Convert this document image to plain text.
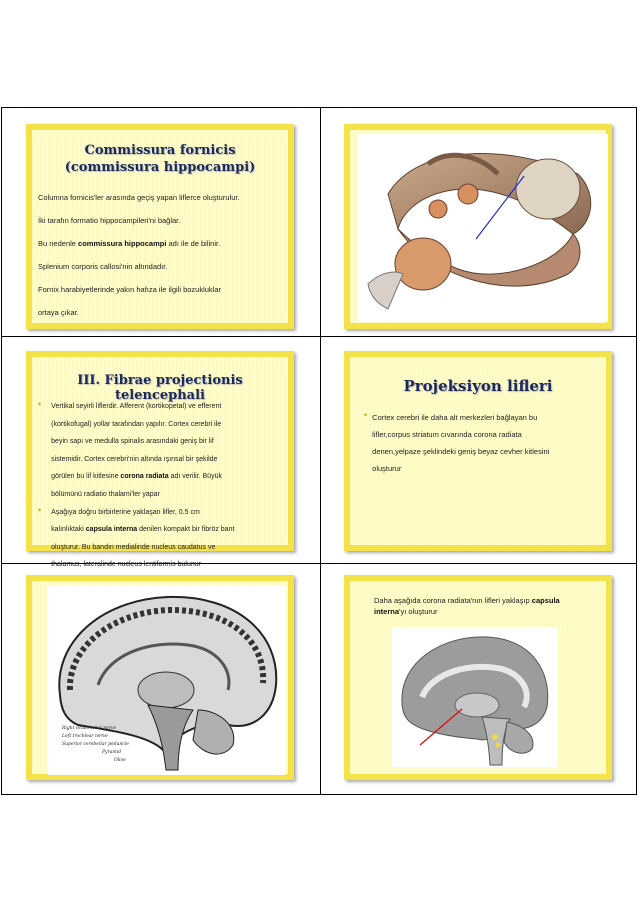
Commissura fornicis
(commissura hippocampi)
Columna fornicis'ler arasında geçiş yapan liflerce oluşturulur.
İki tarafın formatio hippocampileri'ni bağlar.
Bu nedenle commissura hippocampi adı ile de bilinir.
Splenium corporis callosi'nin altındadır.
Fornix harabiyetlerinde yakın hafıza ile ilgili bozukluklar
ortaya çıkar.
III. Fibrae projectionis telencephali
• Vertikal seyirli liflerdir. Afferent (kortikopetal) ve efferent
(kortikofugal) yollar tarafından yapılır. Cortex cerebri ile
beyin sapı ve medulla spinalis arasındaki geniş bir lif
sistemidir. Cortex cerebri'nin altında ışınsal bir şekilde
görülen bu lif kitlesine corona radiata adı verilir. Büyük
bölümünü radiatio thalami'ler yapar
• Aşağıya doğru birbirlerine yaklaşan lifler, 0.5 cm
kalınlıktaki capsula interna denilen kompakt bir fibröz bant
oluşturur. Bu bandın medialinde nucleus caudatus ve
thalamus, lateralinde nucleus lentiformis bulunur
Projeksiyon lifleri
• Cortex cerebri ile daha alt merkezleri bağlayan bu
lifler,corpus striatum cıvarında corona radiata
denen,yelpaze şeklindeki geniş beyaz cevher kitlesini
oluşturur
Right oculomotor nerve
Left trochlear nerve
Superior cerebellar peduncle
Pyramid
Olive
Daha aşağıda corona radiata'nın lifleri yaklaşıp capsula
interna'yı oluşturur
